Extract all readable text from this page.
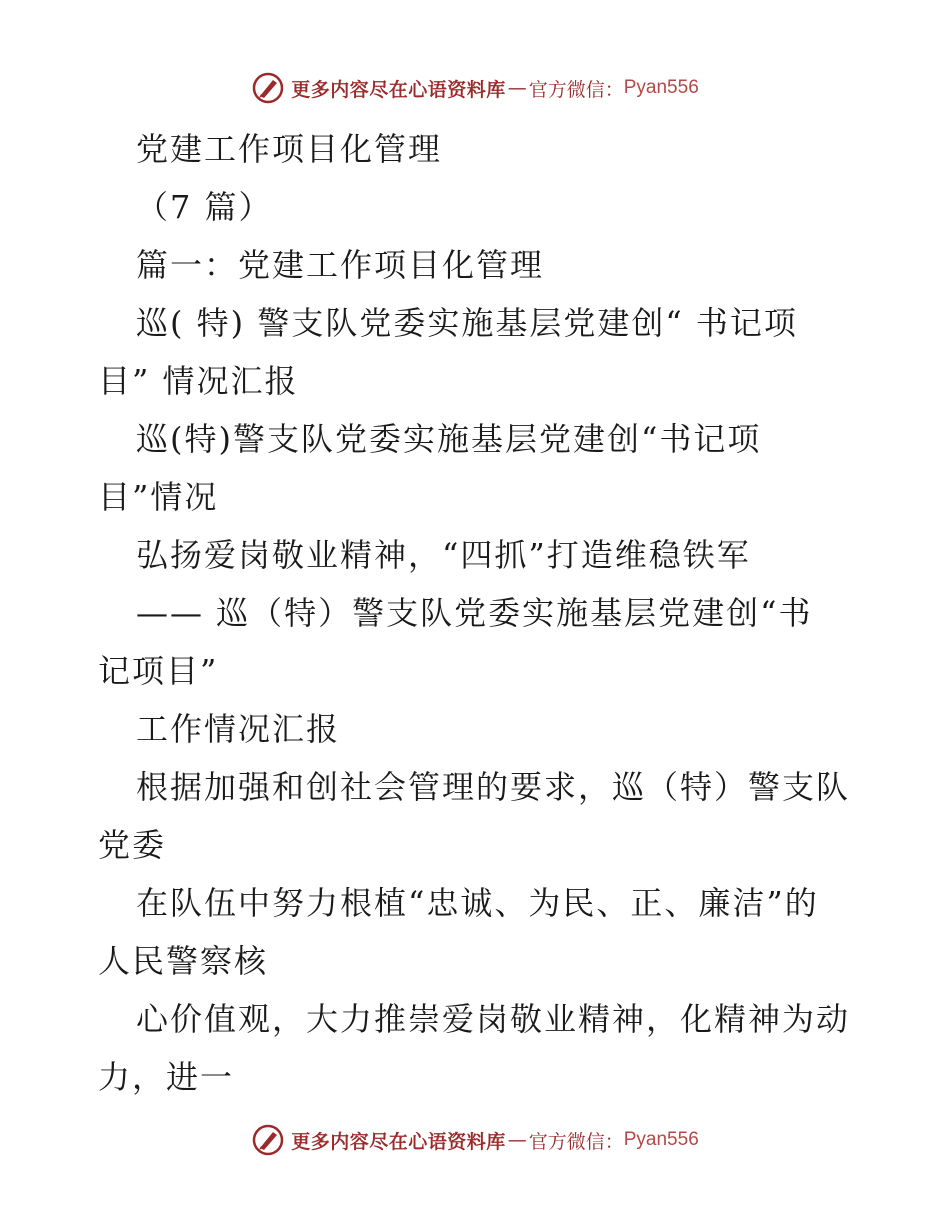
更多内容尽在心语资料库 — 官方微信： Pyan556
党建工作项目化管理
（7 篇）
篇一：党建工作项目化管理
巡( 特) 警支队党委实施基层党建创“ 书记项
目” 情况汇报
巡(特)警支队党委实施基层党建创“书记项
目”情况
弘扬爱岗敬业精神，“四抓”打造维稳铁军
—— 巡（特）警支队党委实施基层党建创“书
记项目”
工作情况汇报
根据加强和创社会管理的要求，巡（特）警支队
党委
在队伍中努力根植“忠诚、为民、正、廉洁”的
人民警察核
心价值观，大力推崇爱岗敬业精神，化精神为动
力，进一
更多内容尽在心语资料库 — 官方微信： Pyan556
